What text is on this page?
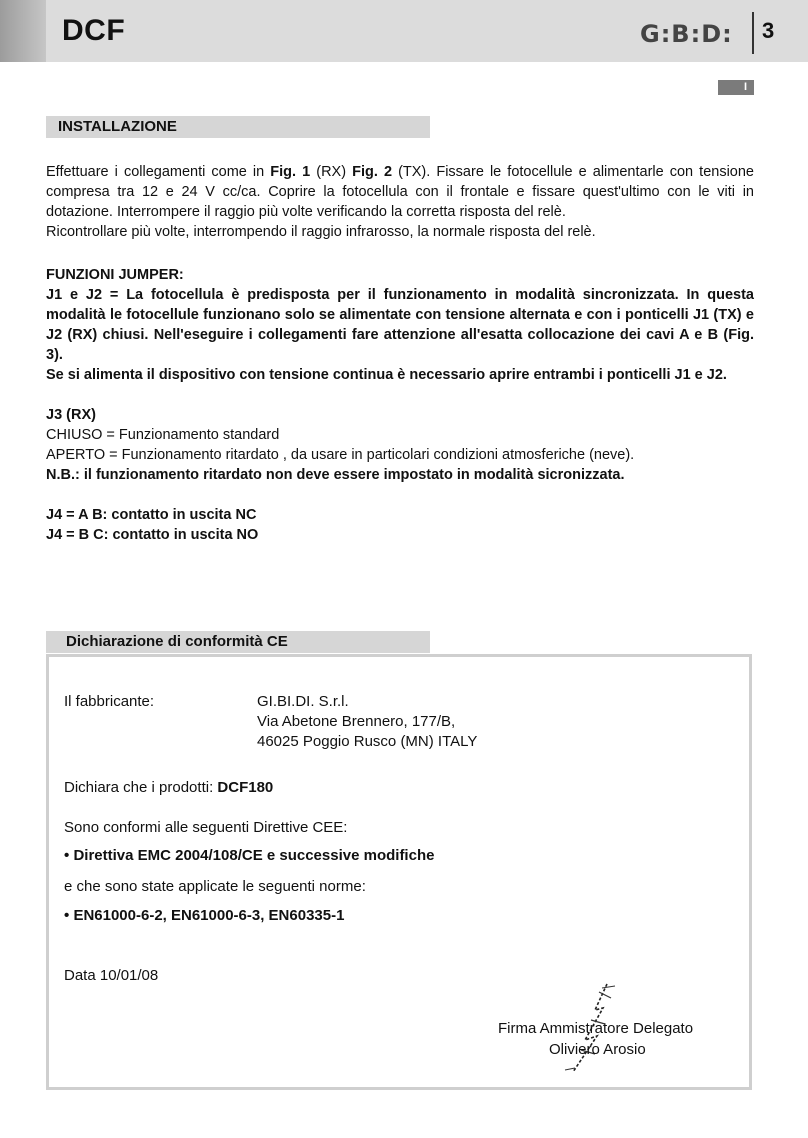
DCF	G:B:D: 3
I
INSTALLAZIONE

Effettuare i collegamenti come in Fig. 1 (RX) Fig. 2 (TX). Fissare le fotocellule e alimentarle con tensione compresa tra 12 e 24 V cc/ca. Coprire la fotocellula con il frontale e fissare quest'ultimo con le viti in dotazione. Interrompere il raggio più volte verificando la corretta risposta del relè.

Ricontrollare più volte, interrompendo il raggio infrarosso, la normale risposta del relè.

FUNZIONI JUMPER:

J1 e J2 = La fotocellula è predisposta per il funzionamento in modalità sincronizzata. In questa modalità le fotocellule funzionano solo se alimentate con tensione alternata e con i ponticelli J1 (TX) e J2 (RX) chiusi. Nell'eseguire i collegamenti fare attenzione all'esatta collocazione dei cavi A e B (Fig. 3).

Se si alimenta il dispositivo con tensione continua è necessario aprire entrambi i ponticelli J1 e J2.

J3 (RX)

CHIUSO = Funzionamento standard

APERTO = Funzionamento ritardato , da usare in particolari condizioni atmosferiche (neve).

N.B.: il funzionamento ritardato non deve essere impostato in modalità sicronizzata.

J4 = A B: contatto in uscita NC

J4 = B C: contatto in uscita NO

Dichiarazione di conformità CE
Il fabbricante:	GI.BI.DI. S.r.l.
Via Abetone Brennero, 177/B,
46025 Poggio Rusco (MN) ITALY
Dichiara che i prodotti: DCF180
Sono conformi alle seguenti Direttive CEE:
• Direttiva EMC 2004/108/CE e successive modifiche
e che sono state applicate le seguenti norme:
• EN61000-6-2, EN61000-6-3, EN60335-1
Data 10/01/08
Firma Ammistratore Delegato
Oliviero Arosio
